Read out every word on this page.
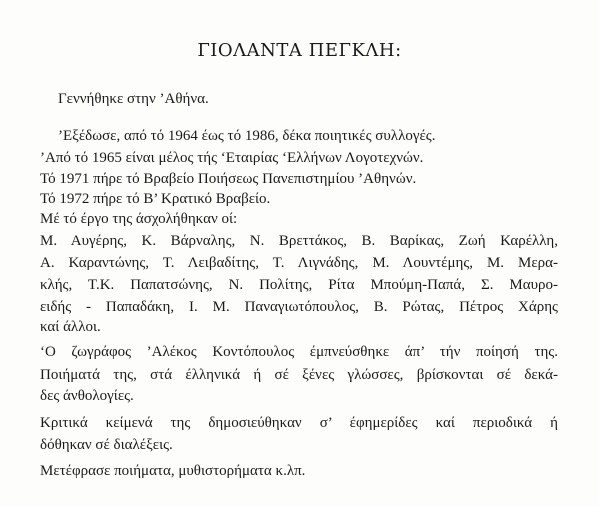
ΓΙΟΛΑΝΤΑ ΠΕΓΚΛΗ:
Γεννήθηκε στην ’Αθήνα.
’Εξέδωσε, από τό 1964 έως τό 1986, δέκα ποιητικές συλλογές.
’Από τό 1965 είναι μέλος τής ‘Εταιρίας ‘Ελλήνων Λογοτεχνών.
Τό 1971 πήρε τό Βραβείο Ποιήσεως Πανεπιστημίου ’Αθηνών.
Τό 1972 πήρε τό Β’ Κρατικό Βραβείο.
Μέ τό έργο της άσχολήθηκαν οί:
Μ. Αυγέρης, Κ. Βάρναλης, Ν. Βρεττάκος, Β. Βαρίκας, Ζωή Καρέλλη,
Α. Καραντώνης, Τ. Λειβαδίτης, Τ. Λιγνάδης, Μ. Λουντέμης, Μ. Μερα-
κλής, Τ.Κ. Παπατσώνης, Ν. Πολίτης, Ρίτα Μπούμη-Παπά, Σ. Μαυρο-
ειδής - Παπαδάκη, Ι. Μ. Παναγιωτόπουλος, Β. Ρώτας, Πέτρος Χάρης
καί άλλοι.
‘Ο ζωγράφος ’Αλέκος Κοντόπουλος έμπνεύσθηκε άπ’ τήν ποίησή της.
Ποιήματά της, στά έλληνικά ή σέ ξένες γλώσσες, βρίσκονται σέ δεκά-
δες άνθολογίες.
Κριτικά κείμενά της δημοσιεύθηκαν σ’ έφημερίδες καί περιοδικά ή
δόθηκαν σέ διαλέξεις.
Μετέφρασε ποιήματα, μυθιστορήματα κ.λπ.
